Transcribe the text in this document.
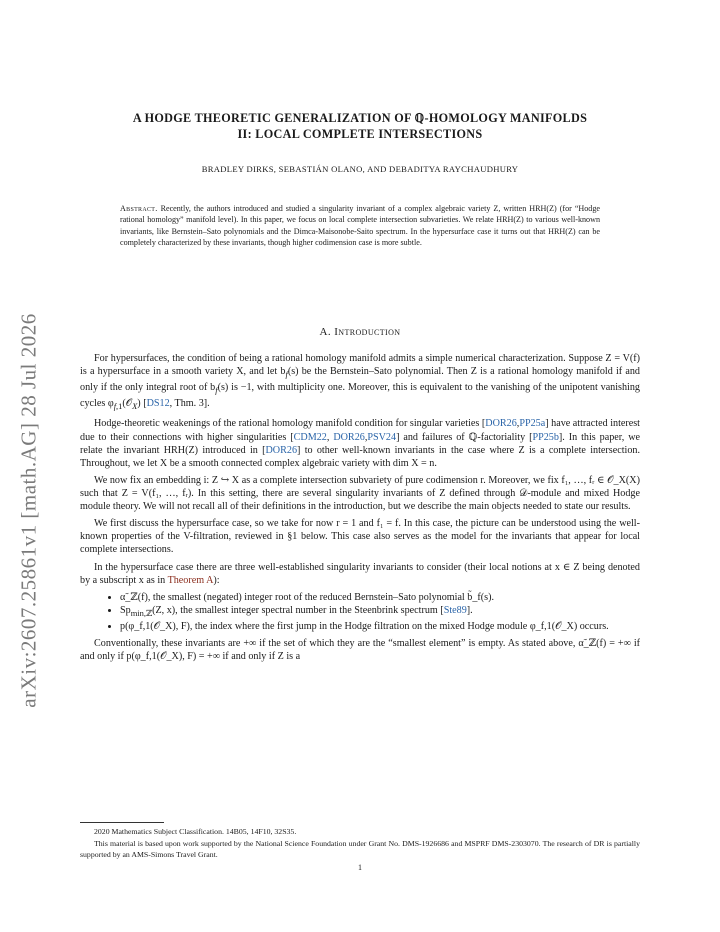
arXiv:2607.25861v1 [math.AG] 28 Jul 2026
A HODGE THEORETIC GENERALIZATION OF ℚ-HOMOLOGY MANIFOLDS
II: LOCAL COMPLETE INTERSECTIONS
BRADLEY DIRKS, SEBASTIÁN OLANO, AND DEBADITYA RAYCHAUDHURY
Abstract. Recently, the authors introduced and studied a singularity invariant of a complex algebraic variety Z, written HRH(Z) (for “Hodge rational homology” manifold level). In this paper, we focus on local complete intersection subvarieties. We relate HRH(Z) to various well-known invariants, like Bernstein–Sato polynomials and the Dimca-Maisonobe-Saito spectrum. In the hypersurface case it turns out that HRH(Z) can be completely characterized by these invariants, though higher codimension case is more subtle.
A. Introduction

For hypersurfaces, the condition of being a rational homology manifold admits a simple numerical characterization. Suppose Z = V(f) is a hypersurface in a smooth variety X, and let $b_f(s)$ be the Bernstein–Sato polynomial. Then Z is a rational homology manifold if and only if the only integral root of $b_f(s)$ is −1, with multiplicity one. Moreover, this is equivalent to the vanishing of the unipotent vanishing cycles $\varphi_{f,1}(𝒪_X)$ [DS12, Thm. 3].

Hodge-theoretic weakenings of the rational homology manifold condition for singular varieties [DOR26,PP25a] have attracted interest due to their connections with higher singularities [CDM22, DOR26,PSV24] and failures of ℚ-factoriality [PP25b]. In this paper, we relate the invariant HRH(Z) introduced in [DOR26] to other well-known invariants in the case where Z is a complete intersection. Throughout, we let X be a smooth connected complex algebraic variety with dim X = n.

We now fix an embedding i: Z ↪ X as a complete intersection subvariety of pure codimension r. Moreover, we fix f₁, …, fᵣ ∈ 𝒪_X(X) such that Z = V(f₁, …, fᵣ). In this setting, there are several singularity invariants of Z defined through 𝒟-module and mixed Hodge module theory. We will not recall all of their definitions in the introduction, but we describe the main objects needed to state our results.

We first discuss the hypersurface case, so we take for now r = 1 and f₁ = f. In this case, the picture can be understood using the well-known properties of the V-filtration, reviewed in §1 below. This case also serves as the model for the invariants that appear for local complete intersections.

In the hypersurface case there are three well-established singularity invariants to consider (their local notions at x ∈ Z being denoted by a subscript x as in Theorem A):

• α̃_ℤ(f), the smallest (negated) integer root of the reduced Bernstein–Sato polynomial b̃_f(s).
• $Sp_{min,ℤ}(Z$, x), the smallest integer spectral number in the Steenbrink spectrum [Ste89].
• p(φ_f,1(𝒪_X), F), the index where the first jump in the Hodge filtration on the mixed Hodge module φ_f,1(𝒪_X) occurs.

Conventionally, these invariants are +∞ if the set of which they are the “smallest element” is empty. As stated above, α̃_ℤ(f) = +∞ if and only if p(φ_f,1(𝒪_X), F) = +∞ if and only if Z is a

2020 Mathematics Subject Classification. 14B05, 14F10, 32S35.

This material is based upon work supported by the National Science Foundation under Grant No. DMS-1926686 and MSPRF DMS-2303070. The research of DR is partially supported by an AMS-Simons Travel Grant.

1
